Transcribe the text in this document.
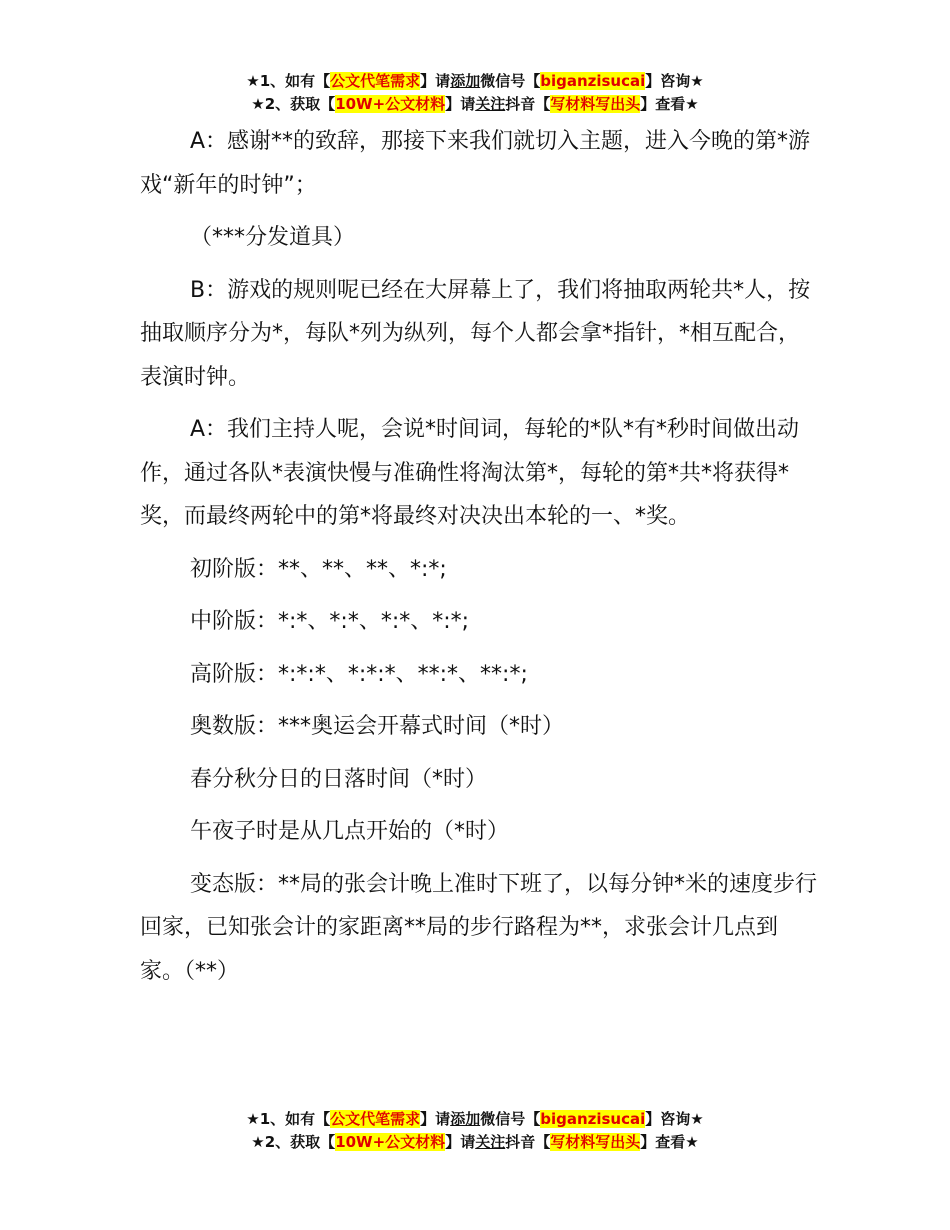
★1、如有【公文代笔需求】请添加微信号【biganzisucai】咨询★
★2、获取【10W+公文材料】请关注抖音【写材料写出头】查看★

A：感谢**的致辞，那接下来我们就切入主题，进入今晚的第*游戏“新年的时钟”；

（***分发道具）

B：游戏的规则呢已经在大屏幕上了，我们将抽取两轮共*人，按抽取顺序分为*，每队*列为纵列，每个人都会拿*指针，*相互配合，表演时钟。

A：我们主持人呢，会说*时间词，每轮的*队*有*秒时间做出动作，通过各队*表演快慢与准确性将淘汰第*，每轮的第*共*将获得*奖，而最终两轮中的第*将最终对决决出本轮的一、*奖。

初阶版：**、**、**、*:*;

中阶版：*:*、*:*、*:*、*:*;

高阶版：*:*:*、*:*:*、**:*、**:*;

奥数版：***奥运会开幕式时间（*时）

春分秋分日的日落时间（*时）

午夜子时是从几点开始的（*时）

变态版：**局的张会计晚上准时下班了，以每分钟*米的速度步行回家，已知张会计的家距离**局的步行路程为**，求张会计几点到家。（**）

★1、如有【公文代笔需求】请添加微信号【biganzisucai】咨询★
★2、获取【10W+公文材料】请关注抖音【写材料写出头】查看★
